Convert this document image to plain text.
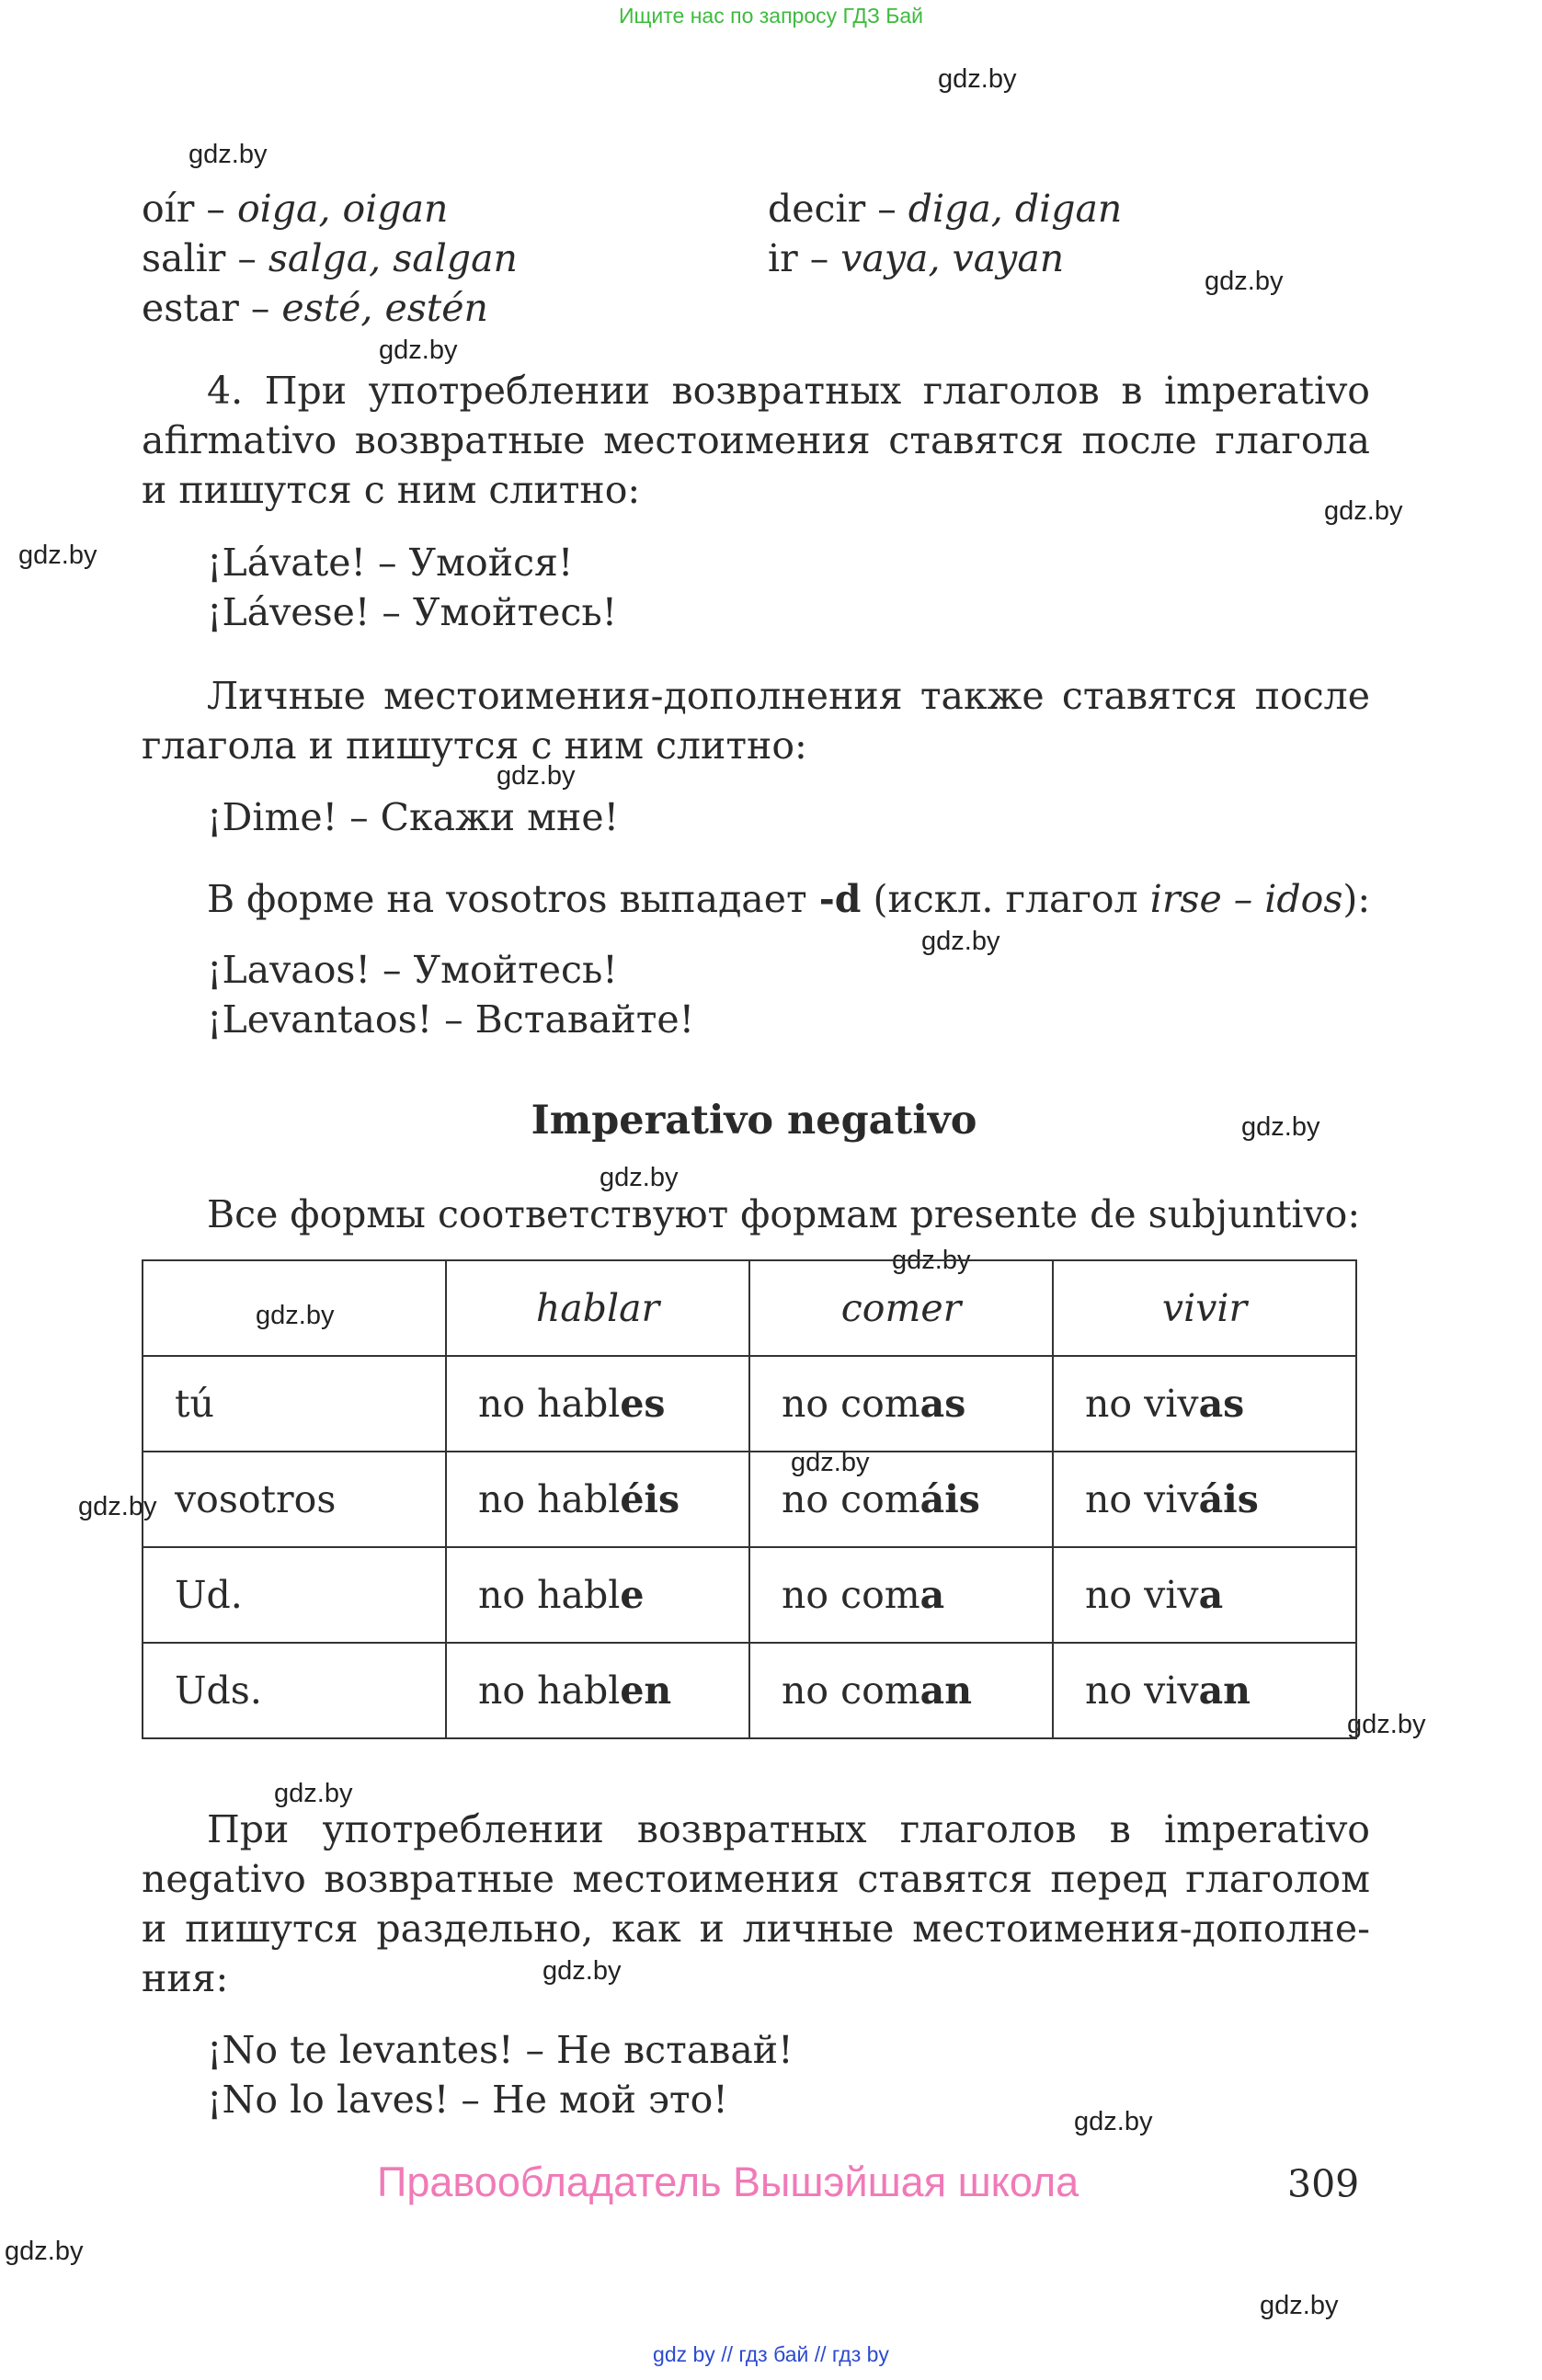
Ищите нас по запросу ГДЗ Бай
gdz by // гдз бай // гдз by
gdz.by
gdz.by
gdz.by
gdz.by
gdz.by
gdz.by
gdz.by
gdz.by
gdz.by
gdz.by
gdz.by
gdz.by
gdz.by
gdz.by
gdz.by
gdz.by
gdz.by
gdz.by
gdz.by
gdz.by
oír – oiga, oigan	decir – diga, digan
salir – salga, salgan	ir – vaya, vayan
estar – esté, estén
4. При употреблении возвратных глаголов в imperativo
afirmativo возвратные местоимения ставятся после глагола
и пишутся с ним слитно:
¡Lávate! – Умойся!
¡Lávese! – Умойтесь!
Личные местоимения-дополнения также ставятся после
глагола и пишутся с ним слитно:
¡Dime! – Скажи мне!
В форме на vosotros выпадает -d (искл. глагол irse – idos):
¡Lavaos! – Умойтесь!
¡Levantaos! – Вставайте!
Imperativo negativo
Все формы соответствуют формам presente de subjuntivo:
	hablar	comer	vivir
tú	no hables	no comas	no vivas
vosotros	no habléis	no comáis	no viváis
Ud.	no hable	no coma	no viva
Uds.	no hablen	no coman	no vivan
При употреблении возвратных глаголов в imperativo
negativo возвратные местоимения ставятся перед глаголом
и пишутся раздельно, как и личные местоимения-дополне-
ния:
¡No te levantes! – Не вставай!
¡No lo laves! – Не мой это!
Правообладатель Вышэйшая школа	309
